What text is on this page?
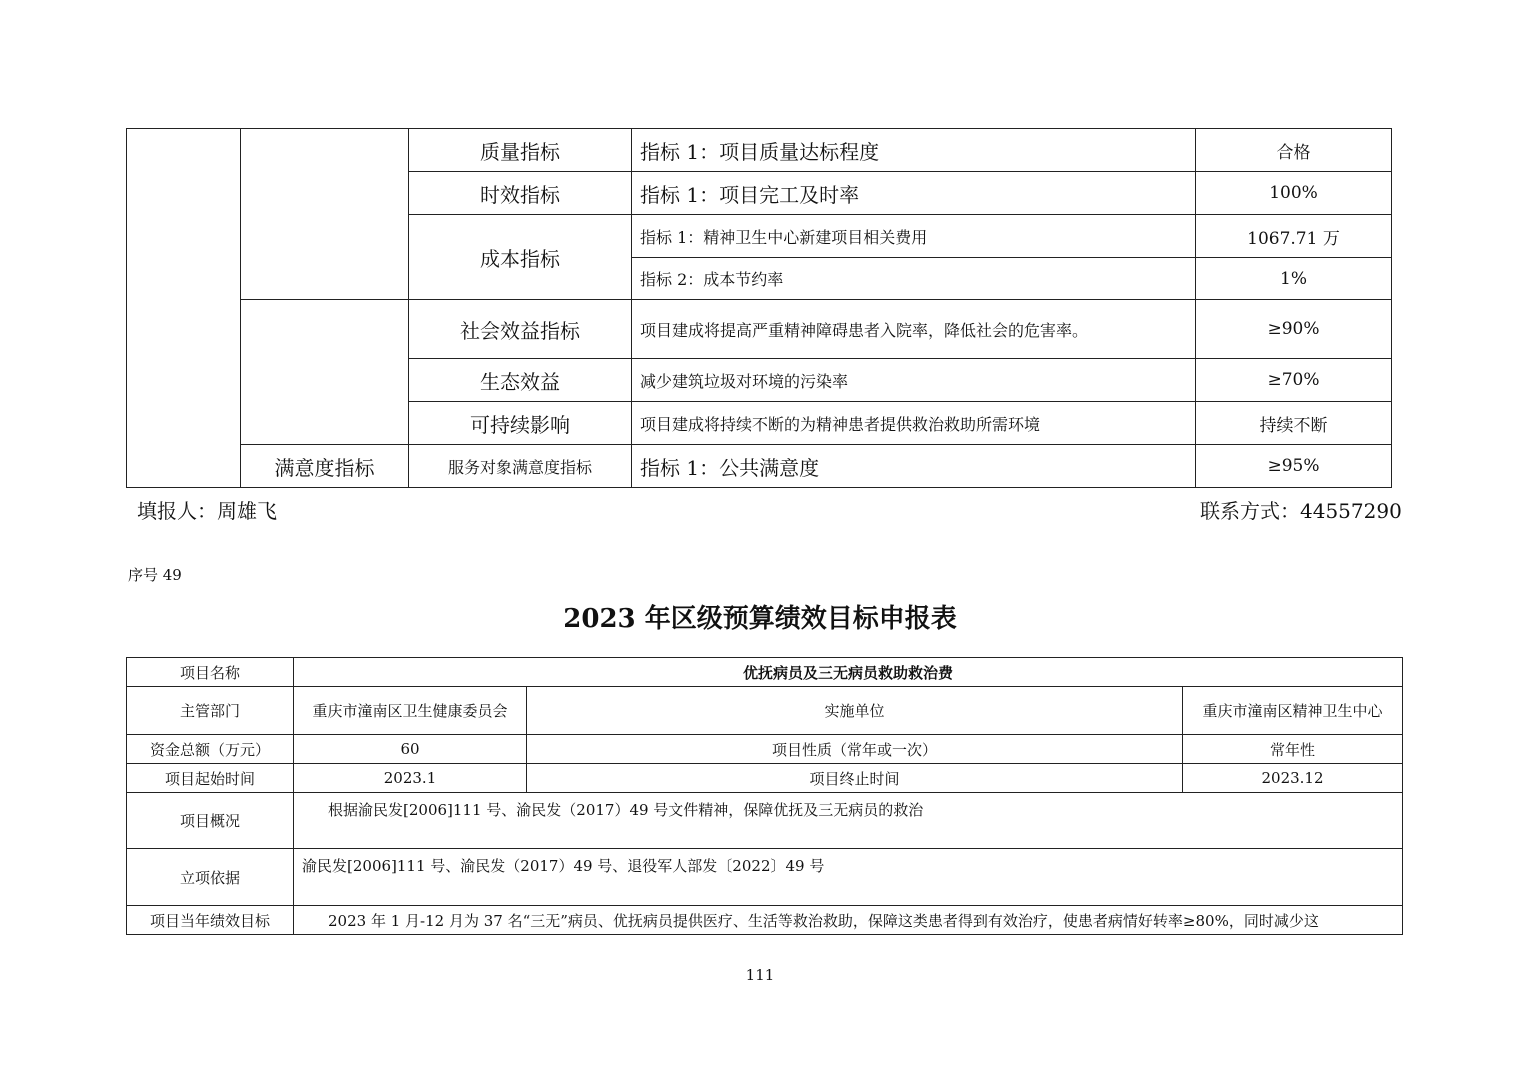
		质量指标	指标 1：项目质量达标程度	合格
		时效指标	指标 1：项目完工及时率	100%
		成本指标	指标 1：精神卫生中心新建项目相关费用	1067.71 万
			指标 2：成本节约率	1%
		社会效益指标	项目建成将提高严重精神障碍患者入院率，降低社会的危害率。	≥90%
		生态效益	减少建筑垃圾对环境的污染率	≥70%
		可持续影响	项目建成将持续不断的为精神患者提供救治救助所需环境	持续不断
	满意度指标	服务对象满意度指标	指标 1：公共满意度	≥95%
填报人：周雄飞	联系方式：44557290
序号 49
2023 年区级预算绩效目标申报表
项目名称	优抚病员及三无病员救助救治费		
主管部门	重庆市潼南区卫生健康委员会	实施单位	重庆市潼南区精神卫生中心
资金总额（万元）	60	项目性质（常年或一次）	常年性
项目起始时间	2023.1	项目终止时间	2023.12
项目概况	根据渝民发[2006]111 号、渝民发（2017）49 号文件精神，保障优抚及三无病员的救治		
立项依据	渝民发[2006]111 号、渝民发（2017）49 号、退役军人部发〔2022〕49 号		
项目当年绩效目标	2023 年 1 月-12 月为 37 名“三无”病员、优抚病员提供医疗、生活等救治救助，保障这类患者得到有效治疗，使患者病情好转率≥80%，同时减少这		
111
